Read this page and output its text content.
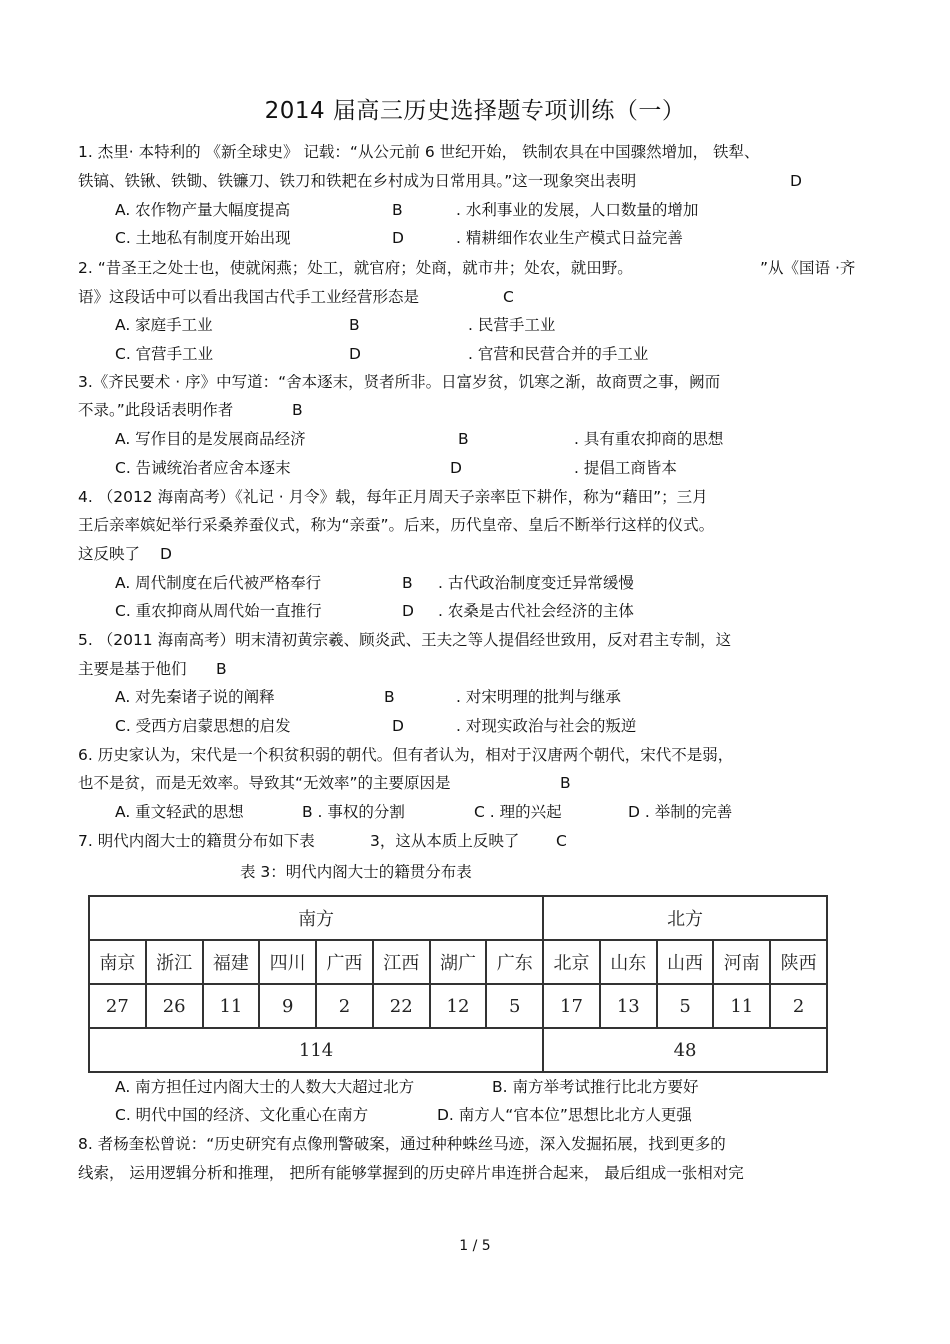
2014 届高三历史选择题专项训练（一）
1. 杰里· 本特利的 《新全球史》 记载：“从公元前 6 世纪开始， 铁制农具在中国骤然增加， 铁犁、
铁镐、铁锹、铁锄、铁镰刀、铁刀和铁耙在乡村成为日常用具。”这一现象突出表明	D
A. 农作物产量大幅度提高	B	. 水利事业的发展，人口数量的增加
C. 土地私有制度开始出现	D	. 精耕细作农业生产模式日益完善
2. “昔圣王之处士也，使就闲燕；处工，就官府；处商，就市井；处农，就田野。	”从《国语 ·齐
语》这段话中可以看出我国古代手工业经营形态是	C
A. 家庭手工业	B	. 民营手工业
C. 官营手工业	D	. 官营和民营合并的手工业
3.《齐民要术 · 序》中写道：“舍本逐末，贤者所非。日富岁贫，饥寒之渐，故商贾之事，阙而
不录。”此段话表明作者	B
A. 写作目的是发展商品经济	B	. 具有重农抑商的思想
C. 告诫统治者应舍本逐末	D	. 提倡工商皆本
4. （2012 海南高考）《礼记 · 月令》载，每年正月周天子亲率臣下耕作，称为“藉田”；三月
王后亲率嫔妃举行采桑养蚕仪式，称为“亲蚕”。后来，历代皇帝、皇后不断举行这样的仪式。
这反映了	D
A. 周代制度在后代被严格奉行	B . 古代政治制度变迁异常缓慢
C. 重农抑商从周代始一直推行	D . 农桑是古代社会经济的主体
5. （2011 海南高考）明末清初黄宗羲、顾炎武、王夫之等人提倡经世致用，反对君主专制，这
主要是基于他们	B
A. 对先秦诸子说的阐释	B	. 对宋明理的批判与继承
C. 受西方启蒙思想的启发	D	. 对现实政治与社会的叛逆
6. 历史家认为，宋代是一个积贫积弱的朝代。但有者认为，相对于汉唐两个朝代，宋代不是弱，
也不是贫，而是无效率。导致其“无效率”的主要原因是	B
A. 重文轻武的思想	B . 事权的分割	C . 理的兴起	D . 举制的完善
7. 明代内阁大士的籍贯分布如下表	3，这从本质上反映了 C
表 3：明代内阁大士的籍贯分布表
南方								北方				
南京	浙江	福建	四川	广西	江西	湖广	广东	北京	山东	山西	河南	陕西
27	26	11	9	2	22	12	5	17	13	5	11	2
114								48				
A. 南方担任过内阁大士的人数大大超过北方	B. 南方举考试推行比北方要好
C. 明代中国的经济、文化重心在南方	D. 南方人“官本位”思想比北方人更强
8. 者杨奎松曾说：“历史研究有点像刑警破案，通过种种蛛丝马迹，深入发掘拓展，找到更多的
线索， 运用逻辑分析和推理， 把所有能够掌握到的历史碎片串连拼合起来， 最后组成一张相对完
1 / 5
